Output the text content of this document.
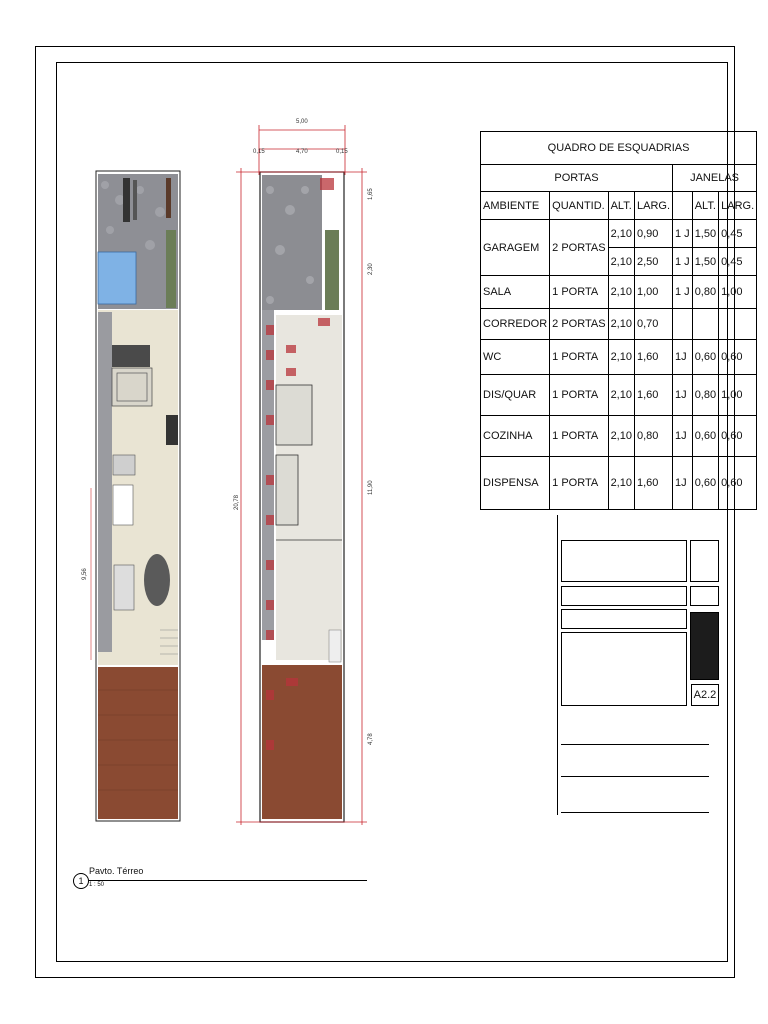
9,56
5,00
0,15	4,70	0,15
20,78
1,65
2,30
11,90
4,78
QUADRO DE ESQUADRIAS						
PORTAS				JANELAS		
AMBIENTE	QUANTID.	ALT.	LARG.		ALT.	LARG.
GARAGEM	2 PORTAS	2,10	0,90	1 J	1,50	0,45
		2,10	2,50	1 J	1,50	0,45
SALA	1 PORTA	2,10	1,00	1 J	0,80	1,00
CORREDOR	2 PORTAS	2,10	0,70			
WC	1 PORTA	2,10	1,60	1J	0,60	0,60
DIS/QUAR	1 PORTA	2,10	1,60	1J	0,80	1,00
COZINHA	1 PORTA	2,10	0,80	1J	0,60	0,60
DISPENSA	1 PORTA	2,10	1,60	1J	0,60	0,60
A2.2
1
Pavto. Térreo
1 : 50
